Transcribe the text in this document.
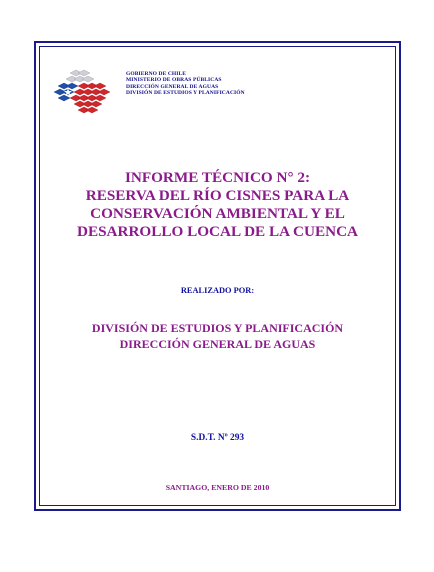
GOBIERNO DE CHILE
MINISTERIO DE OBRAS PÚBLICAS
DIRECCIÓN GENERAL DE AGUAS
DIVISIÓN DE ESTUDIOS Y PLANIFICACIÓN
INFORME TÉCNICO N° 2:
RESERVA DEL RÍO CISNES PARA LA
CONSERVACIÓN AMBIENTAL Y EL
DESARROLLO LOCAL DE LA CUENCA
REALIZADO POR:
DIVISIÓN DE ESTUDIOS Y PLANIFICACIÓN
DIRECCIÓN GENERAL DE AGUAS
S.D.T. Nº 293
SANTIAGO, ENERO DE 2010
